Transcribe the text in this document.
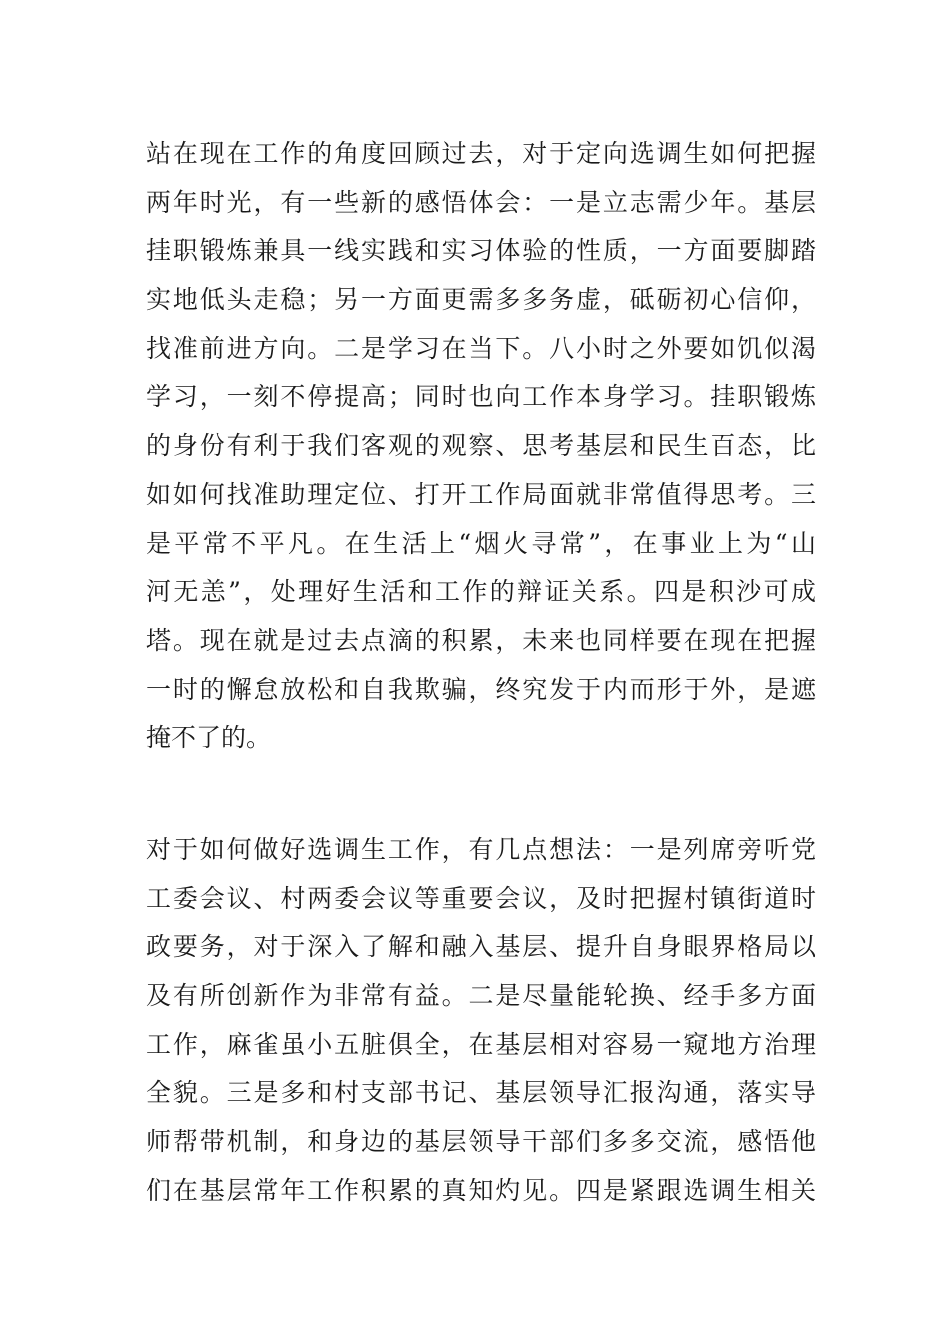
站在现在工作的角度回顾过去，对于定向选调生如何把握
两年时光，有一些新的感悟体会：一是立志需少年。基层
挂职锻炼兼具一线实践和实习体验的性质，一方面要脚踏
实地低头走稳；另一方面更需多多务虚，砥砺初心信仰，
找准前进方向。二是学习在当下。八小时之外要如饥似渴
学习，一刻不停提高；同时也向工作本身学习。挂职锻炼
的身份有利于我们客观的观察、思考基层和民生百态，比
如如何找准助理定位、打开工作局面就非常值得思考。三
是平常不平凡。在生活上“烟火寻常”，在事业上为“山
河无恙”，处理好生活和工作的辩证关系。四是积沙可成
塔。现在就是过去点滴的积累，未来也同样要在现在把握
一时的懈怠放松和自我欺骗，终究发于内而形于外，是遮
掩不了的。
对于如何做好选调生工作，有几点想法：一是列席旁听党
工委会议、村两委会议等重要会议，及时把握村镇街道时
政要务，对于深入了解和融入基层、提升自身眼界格局以
及有所创新作为非常有益。二是尽量能轮换、经手多方面
工作，麻雀虽小五脏俱全，在基层相对容易一窥地方治理
全貌。三是多和村支部书记、基层领导汇报沟通，落实导
师帮带机制，和身边的基层领导干部们多多交流，感悟他
们在基层常年工作积累的真知灼见。四是紧跟选调生相关
